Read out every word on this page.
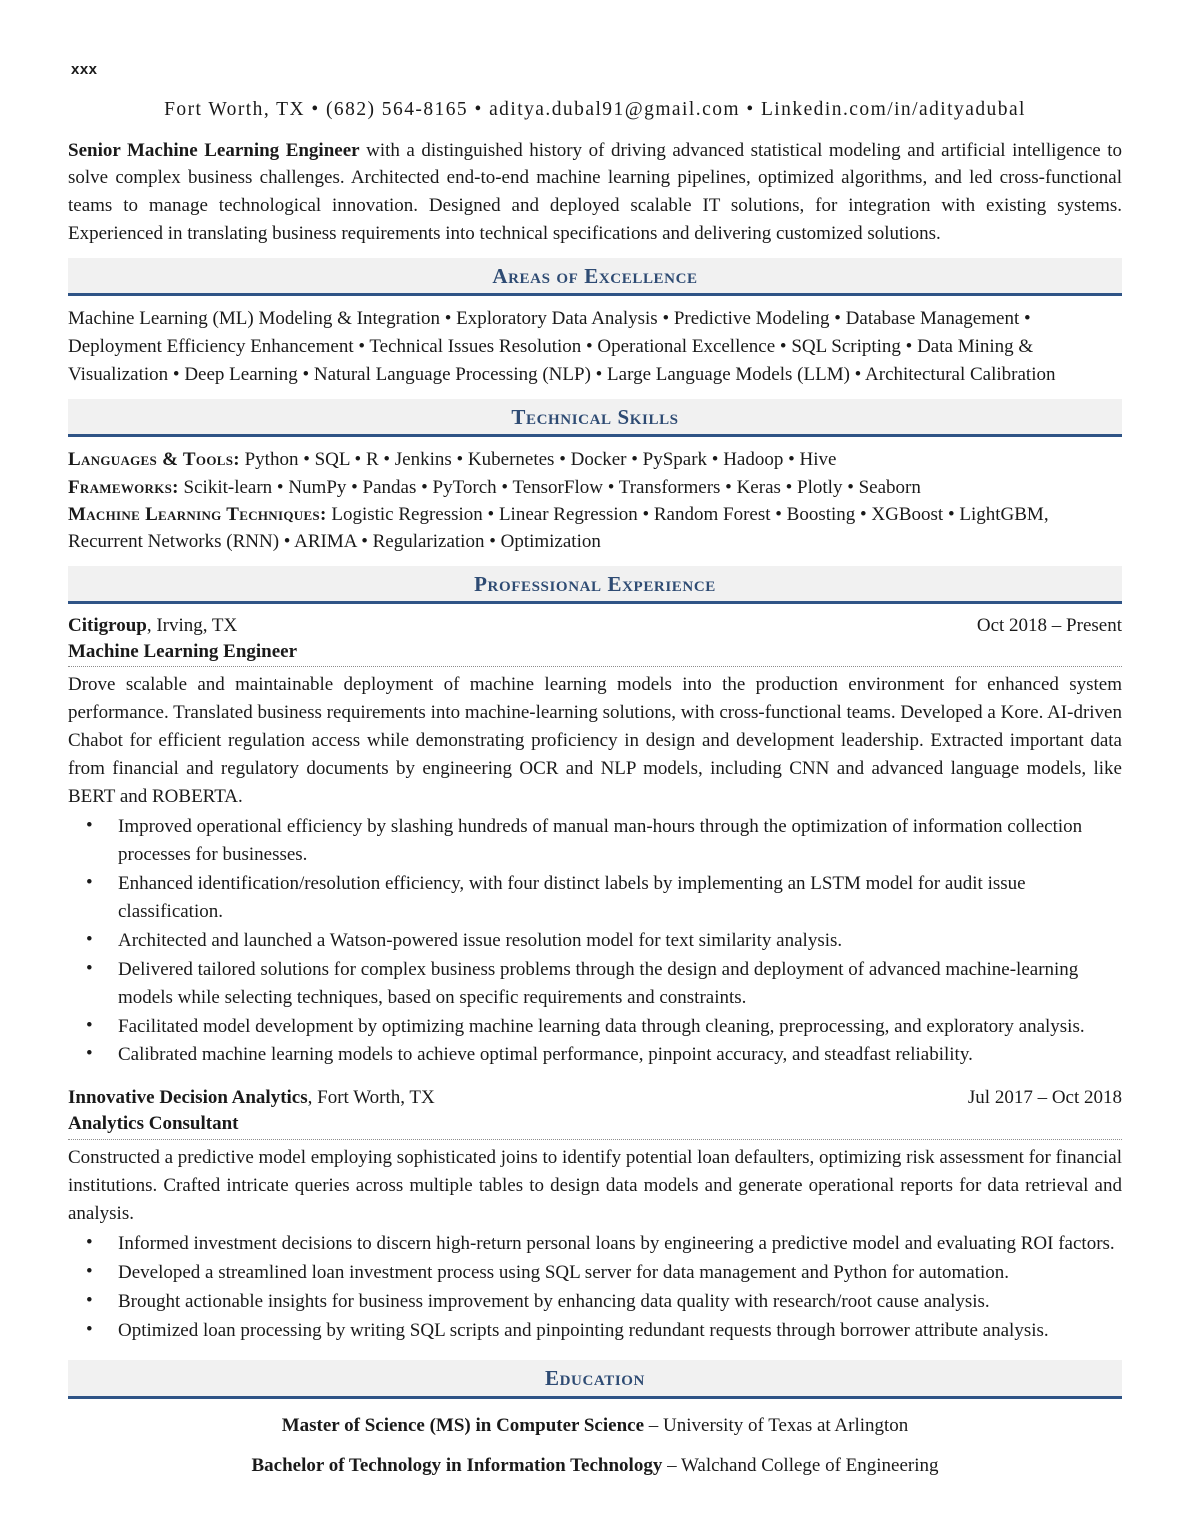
xxx
Fort Worth, TX • (682) 564-8165 • aditya.dubal91@gmail.com • Linkedin.com/in/adityadubal

Senior Machine Learning Engineer with a distinguished history of driving advanced statistical modeling and artificial intelligence to solve complex business challenges. Architected end-to-end machine learning pipelines, optimized algorithms, and led cross-functional teams to manage technological innovation. Designed and deployed scalable IT solutions, for integration with existing systems. Experienced in translating business requirements into technical specifications and delivering customized solutions.

Areas of Excellence

Machine Learning (ML) Modeling & Integration • Exploratory Data Analysis • Predictive Modeling • Database Management • Deployment Efficiency Enhancement • Technical Issues Resolution • Operational Excellence • SQL Scripting • Data Mining & Visualization • Deep Learning • Natural Language Processing (NLP) • Large Language Models (LLM) • Architectural Calibration

Technical Skills

Languages & Tools: Python • SQL • R • Jenkins • Kubernetes • Docker • PySpark • Hadoop • Hive

Frameworks: Scikit-learn • NumPy • Pandas • PyTorch • TensorFlow • Transformers • Keras • Plotly • Seaborn

Machine Learning Techniques: Logistic Regression • Linear Regression • Random Forest • Boosting • XGBoost • LightGBM, Recurrent Networks (RNN) • ARIMA • Regularization • Optimization

Professional Experience
Citigroup, Irving, TX	Oct 2018 – Present
Machine Learning Engineer

Drove scalable and maintainable deployment of machine learning models into the production environment for enhanced system performance. Translated business requirements into machine-learning solutions, with cross-functional teams. Developed a Kore. AI-driven Chabot for efficient regulation access while demonstrating proficiency in design and development leadership. Extracted important data from financial and regulatory documents by engineering OCR and NLP models, including CNN and advanced language models, like BERT and ROBERTA.

• Improved operational efficiency by slashing hundreds of manual man-hours through the optimization of information collection processes for businesses.
• Enhanced identification/resolution efficiency, with four distinct labels by implementing an LSTM model for audit issue classification.
• Architected and launched a Watson-powered issue resolution model for text similarity analysis.
• Delivered tailored solutions for complex business problems through the design and deployment of advanced machine-learning models while selecting techniques, based on specific requirements and constraints.
• Facilitated model development by optimizing machine learning data through cleaning, preprocessing, and exploratory analysis.
• Calibrated machine learning models to achieve optimal performance, pinpoint accuracy, and steadfast reliability.
Innovative Decision Analytics, Fort Worth, TX	Jul 2017 – Oct 2018
Analytics Consultant

Constructed a predictive model employing sophisticated joins to identify potential loan defaulters, optimizing risk assessment for financial institutions. Crafted intricate queries across multiple tables to design data models and generate operational reports for data retrieval and analysis.

• Informed investment decisions to discern high-return personal loans by engineering a predictive model and evaluating ROI factors.
• Developed a streamlined loan investment process using SQL server for data management and Python for automation.
• Brought actionable insights for business improvement by enhancing data quality with research/root cause analysis.
• Optimized loan processing by writing SQL scripts and pinpointing redundant requests through borrower attribute analysis.
Education

Master of Science (MS) in Computer Science – University of Texas at Arlington

Bachelor of Technology in Information Technology – Walchand College of Engineering
